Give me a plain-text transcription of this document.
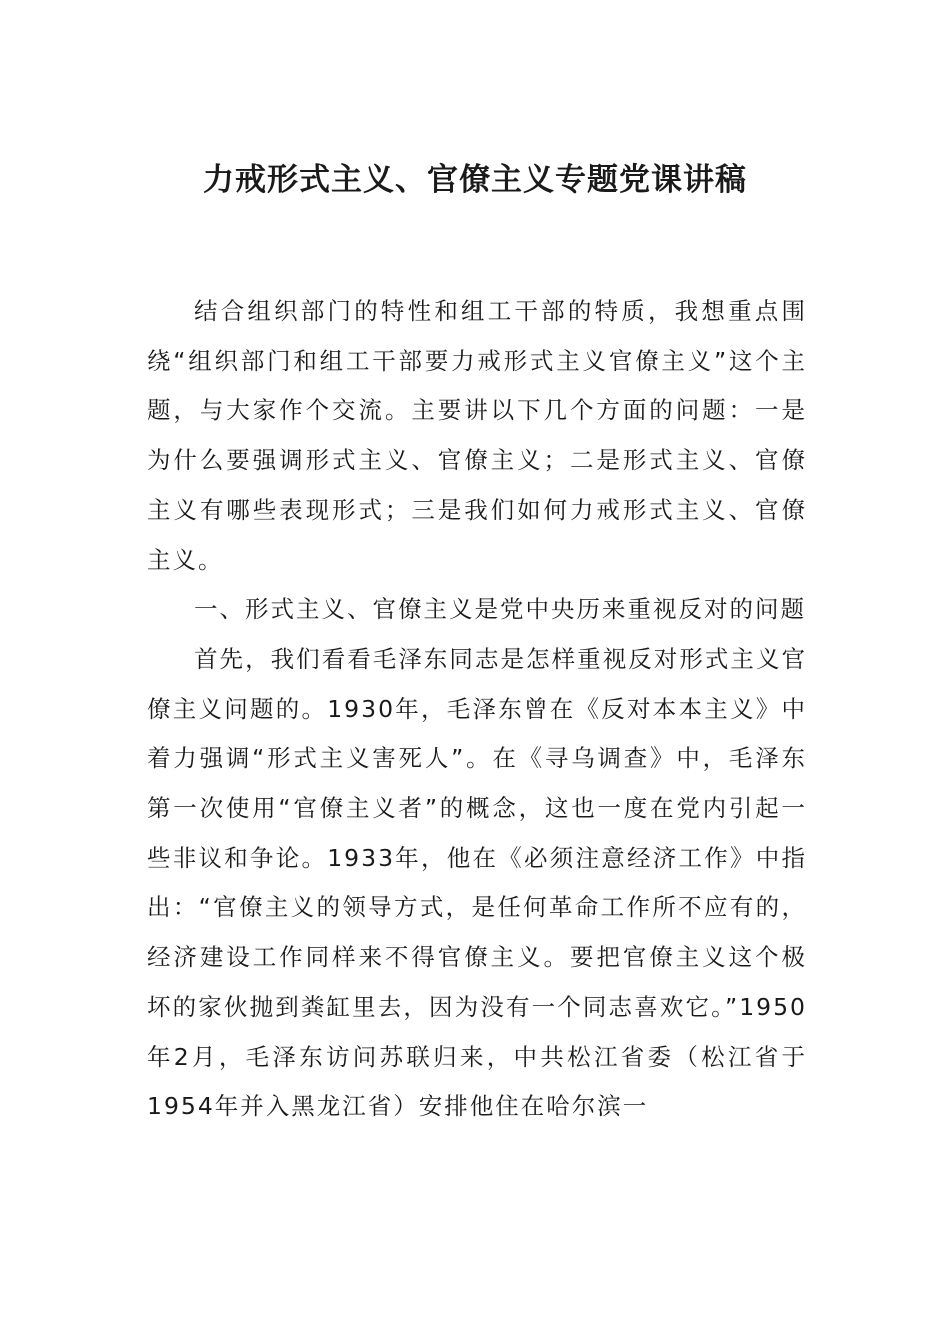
力戒形式主义、官僚主义专题党课讲稿

结合组织部门的特性和组工干部的特质，我想重点围绕“组织部门和组工干部要力戒形式主义官僚主义”这个主题，与大家作个交流。主要讲以下几个方面的问题：一是为什么要强调形式主义、官僚主义；二是形式主义、官僚主义有哪些表现形式；三是我们如何力戒形式主义、官僚主义。

一、形式主义、官僚主义是党中央历来重视反对的问题

首先，我们看看毛泽东同志是怎样重视反对形式主义官僚主义问题的。1930年，毛泽东曾在《反对本本主义》中着力强调“形式主义害死人”。在《寻乌调查》中，毛泽东第一次使用“官僚主义者”的概念，这也一度在党内引起一些非议和争论。1933年，他在《必须注意经济工作》中指出：“官僚主义的领导方式，是任何革命工作所不应有的，经济建设工作同样来不得官僚主义。要把官僚主义这个极坏的家伙抛到粪缸里去，因为没有一个同志喜欢它。”1950年2月，毛泽东访问苏联归来，中共松江省委（松江省于1954年并入黑龙江省）安排他住在哈尔滨一
